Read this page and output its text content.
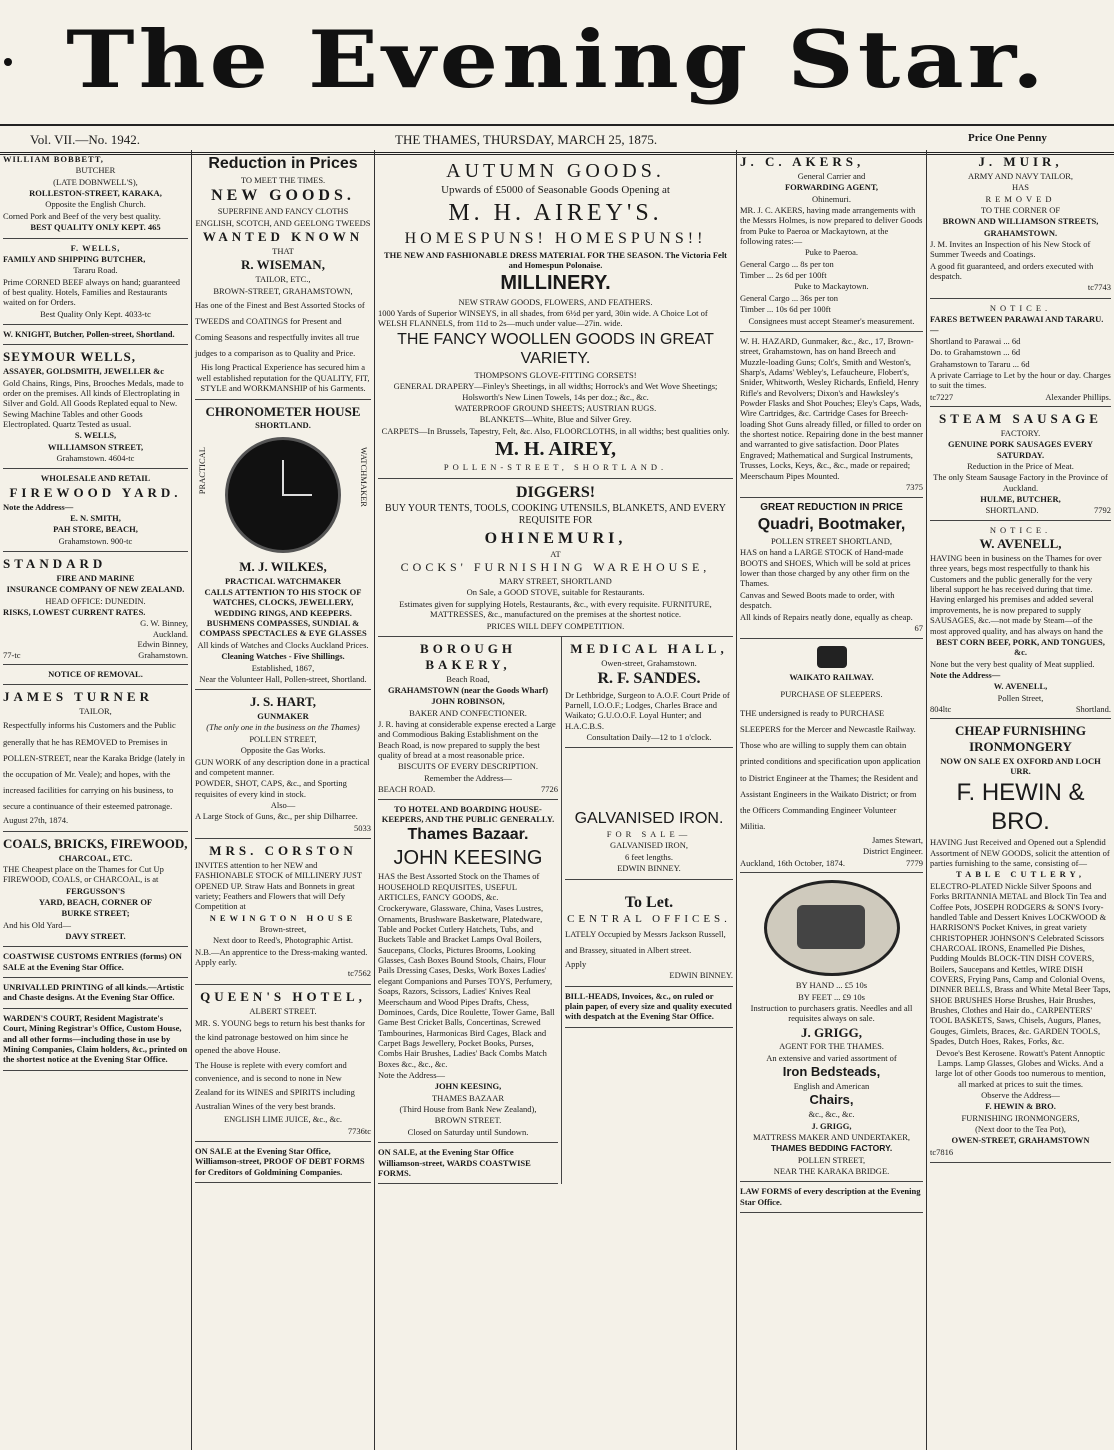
The Evening Star.
Vol. VII.—No. 1942.	THE THAMES, THURSDAY, MARCH 25, 1875.	Price One Penny

WILLIAM BOBBETT,

BUTCHER

(LATE DOBNWELL'S),

ROLLESTON-STREET, KARAKA,

Opposite the English Church.

Corned Pork and Beef of the very best quality.

BEST QUALITY ONLY KEPT. 465

F. WELLS,

FAMILY AND SHIPPING BUTCHER,

Tararu Road.

Prime CORNED BEEF always on hand; guaranteed of best quality. Hotels, Families and Restaurants waited on for Orders.

Best Quality Only Kept. 4033-tc

W. KNIGHT, Butcher, Pollen-street, Shortland.

SEYMOUR WELLS,

ASSAYER, GOLDSMITH, JEWELLER &c

Gold Chains, Rings, Pins, Brooches Medals, made to order on the premises. All kinds of Electroplating in Silver and Gold. All Goods Replated equal to New. Sewing Machine Tables and other Goods Electroplated. Quartz Tested as usual.

S. WELLS,

WILLIAMSON STREET,

Grahamstown. 4604-tc

WHOLESALE AND RETAIL

FIREWOOD YARD.

Note the Address—

E. N. SMITH,

PAH STORE, BEACH,

Grahamstown. 900-tc

STANDARD

FIRE AND MARINE

INSURANCE COMPANY OF NEW ZEALAND.

HEAD OFFICE: DUNEDIN.

RISKS, LOWEST CURRENT RATES.

G. W. Binney,
Auckland.
Edwin Binney,
77-tc	Grahamstown.

NOTICE OF REMOVAL.

JAMES TURNER

TAILOR,

Respectfully informs his Customers and the Public generally that he has REMOVED to Premises in POLLEN-STREET, near the Karaka Bridge (lately in the occupation of Mr. Veale); and hopes, with the increased facilities for carrying on his business, to secure a continuance of their esteemed patronage.

August 27th, 1874.

COALS, BRICKS, FIREWOOD,

CHARCOAL, ETC.

THE Cheapest place on the Thames for Cut Up FIREWOOD, COALS, or CHARCOAL, is at

FERGUSSON'S

YARD, BEACH, CORNER OF

BURKE STREET;

And his Old Yard—

DAVY STREET.

COASTWISE CUSTOMS ENTRIES (forms) ON SALE at the Evening Star Office.

UNRIVALLED PRINTING of all kinds.—Artistic and Chaste designs. At the Evening Star Office.

WARDEN'S COURT, Resident Magistrate's Court, Mining Registrar's Office, Custom House, and all other forms—including those in use by Mining Companies, Claim holders, &c., printed on the shortest notice at the Evening Star Office.

Reduction in Prices

TO MEET THE TIMES.

NEW GOODS.

SUPERFINE AND FANCY CLOTHS

ENGLISH, SCOTCH, AND GEELONG TWEEDS

WANTED KNOWN

THAT

R. WISEMAN,

TAILOR, ETC.,

BROWN-STREET, GRAHAMSTOWN,

Has one of the Finest and Best Assorted Stocks of TWEEDS and COATINGS for Present and Coming Seasons and respectfully invites all true judges to a comparison as to Quality and Price.

His long Practical Experience has secured him a well established reputation for the QUALITY, FIT, STYLE and WORKMANSHIP of his Garments.

CHRONOMETER HOUSE

SHORTLAND.

PRACTICAL	WATCHMAKER

M. J. WILKES,

PRACTICAL WATCHMAKER

CALLS ATTENTION TO HIS STOCK OF WATCHES, CLOCKS, JEWELLERY, WEDDING RINGS, AND KEEPERS. BUSHMENS COMPASSES, SUNDIAL & COMPASS SPECTACLES & EYE GLASSES

All kinds of Watches and Clocks Auckland Prices.

Cleaning Watches - Five Shillings.

Established, 1867,

Near the Volunteer Hall, Pollen-street, Shortland.

J. S. HART,

GUNMAKER

(The only one in the business on the Thames)

POLLEN STREET,

Opposite the Gas Works.

GUN WORK of any description done in a practical and competent manner.

POWDER, SHOT, CAPS, &c., and Sporting requisites of every kind in stock.

Also—

A Large Stock of Guns, &c., per ship Dilharree.

5033

MRS. CORSTON

INVITES attention to her NEW and FASHIONABLE STOCK of MILLINERY JUST OPENED UP. Straw Hats and Bonnets in great variety; Feathers and Flowers that will Defy Competition at

NEWINGTON HOUSE

Brown-street,

Next door to Reed's, Photographic Artist.

N.B.—An apprentice to the Dress-making wanted. Apply early.

tc7562

QUEEN'S HOTEL,

ALBERT STREET.

MR. S. YOUNG begs to return his best thanks for the kind patronage bestowed on him since he opened the above House.

The House is replete with every comfort and convenience, and is second to none in New Zealand for its WINES and SPIRITS including Australian Wines of the very best brands.

ENGLISH LIME JUICE, &c., &c.

7736tc

ON SALE at the Evening Star Office, Williamson-street, PROOF OF DEBT FORMS for Creditors of Goldmining Companies.

AUTUMN GOODS.

Upwards of £5000 of Seasonable Goods Opening at

M. H. AIREY'S.

HOMESPUNS! HOMESPUNS!!

THE NEW AND FASHIONABLE DRESS MATERIAL FOR THE SEASON. The Victoria Felt and Homespun Polonaise.

MILLINERY.

NEW STRAW GOODS, FLOWERS, AND FEATHERS.

1000 Yards of Superior WINSEYS, in all shades, from 6½d per yard, 30in wide. A Choice Lot of WELSH FLANNELS, from 11d to 2s—much under value—27in. wide.

THE FANCY WOOLLEN GOODS IN GREAT VARIETY.

THOMPSON'S GLOVE-FITTING CORSETS!

GENERAL DRAPERY—Finley's Sheetings, in all widths; Horrock's and Wet Wove Sheetings; Holsworth's New Linen Towels, 14s per doz.; &c., &c.

WATERPROOF GROUND SHEETS; AUSTRIAN RUGS.

BLANKETS—White, Blue and Silver Grey.

CARPETS—In Brussels, Tapestry, Felt, &c. Also, FLOORCLOTHS, in all widths; best qualities only.

M. H. AIREY,

POLLEN-STREET, SHORTLAND.

DIGGERS!

BUY YOUR TENTS, TOOLS, COOKING UTENSILS, BLANKETS, AND EVERY REQUISITE FOR

OHINEMURI,

AT

COCKS' FURNISHING WAREHOUSE,

MARY STREET, SHORTLAND

On Sale, a GOOD STOVE, suitable for Restaurants.

Estimates given for supplying Hotels, Restaurants, &c., with every requisite. FURNITURE, MATTRESSES, &c., manufactured on the premises at the shortest notice.

PRICES WILL DEFY COMPETITION.

BOROUGH BAKERY,

Beach Road,

GRAHAMSTOWN (near the Goods Wharf)

JOHN ROBINSON,

BAKER AND CONFECTIONER.

J. R. having at considerable expense erected a Large and Commodious Baking Establishment on the Beach Road, is now prepared to supply the best quality of bread at a most reasonable price.

BISCUITS OF EVERY DESCRIPTION.

Remember the Address—

BEACH ROAD.	7726

MEDICAL HALL,

Owen-street, Grahamstown.

R. F. SANDES.

Dr Lethbridge, Surgeon to A.O.F. Court Pride of Parnell, I.O.O.F.; Lodges, Charles Brace and Waikato; G.U.O.O.F. Loyal Hunter; and H.A.C.B.S.

Consultation Daily—12 to 1 o'clock.

TO HOTEL AND BOARDING HOUSE-KEEPERS, AND THE PUBLIC GENERALLY.

Thames Bazaar.

JOHN KEESING

HAS the Best Assorted Stock on the Thames of HOUSEHOLD REQUISITES, USEFUL ARTICLES, FANCY GOODS, &c.

Crockeryware, Glassware, China, Vases Lustres, Ornaments, Brushware Basketware, Platedware, Table and Pocket Cutlery Hatchets, Tubs, and Buckets Table and Bracket Lamps Oval Boilers, Saucepans, Clocks, Pictures Brooms, Looking Glasses, Cash Boxes Bound Stools, Chairs, Flour Pails Dressing Cases, Desks, Work Boxes Ladies' elegant Companions and Purses TOYS, Perfumery, Soaps, Razors, Scissors, Ladies' Knives Real Meerschaum and Wood Pipes Drafts, Chess, Dominoes, Cards, Dice Roulette, Tower Game, Ball Game Best Cricket Balls, Concertinas, Screwed Tambourines, Harmonicas Bird Cages, Black and Carpet Bags Jewellery, Pocket Books, Purses, Combs Hair Brushes, Ladies' Back Combs Match Boxes &c., &c., &c.

Note the Address—

JOHN KEESING,

THAMES BAZAAR

(Third House from Bank New Zealand),

BROWN STREET.

Closed on Saturday until Sundown.

ON SALE, at the Evening Star Office Williamson-street, WARDS COASTWISE FORMS.

GALVANISED IRON.

FOR SALE—

GALVANISED IRON,

6 feet lengths.

EDWIN BINNEY.

To Let.

CENTRAL OFFICES.

LATELY Occupied by Messrs Jackson Russell, and Brassey, situated in Albert street.

Apply

EDWIN BINNEY.

BILL-HEADS, Invoices, &c., on ruled or plain paper, of every size and quality executed with despatch at the Evening Star Office.

J. C. AKERS,

General Carrier and

FORWARDING AGENT,

Ohinemuri.

MR. J. C. AKERS, having made arrangements with the Messrs Holmes, is now prepared to deliver Goods from Puke to Paeroa or Mackaytown, at the following rates:—

Puke to Paeroa.

General Cargo ... 8s per ton

Timber ... 2s 6d per 100ft

Puke to Mackaytown.

General Cargo ... 36s per ton

Timber ... 10s 6d per 100ft

Consignees must accept Steamer's measurement.

W. H. HAZARD, Gunmaker, &c., &c., 17, Brown-street, Grahamstown, has on hand Breech and Muzzle-loading Guns; Colt's, Smith and Weston's, Sharp's, Adams' Webley's, Lefaucheure, Flobert's, Snider, Whitworth, Wesley Richards, Enfield, Henry Rifle's and Revolvers; Dixon's and Hawksley's Powder Flasks and Shot Pouches; Eley's Caps, Wads, Wire Cartridges, &c. Cartridge Cases for Breech-loading Shot Guns already filled, or filled to order on the shortest notice. Repairing done in the best manner and warranted to give satisfaction. Door Plates Engraved; Mathematical and Surgical Instruments, Trusses, Locks, Keys, &c., &c., made or repaired; Meerschaum Pipes Mounted.

7375

GREAT REDUCTION IN PRICE

Quadri, Bootmaker,

POLLEN STREET SHORTLAND,

HAS on hand a LARGE STOCK of Hand-made BOOTS and SHOES, Which will be sold at prices lower than those charged by any other firm on the Thames.

Canvas and Sewed Boots made to order, with despatch.

All kinds of Repairs neatly done, equally as cheap.

67

WAIKATO RAILWAY.

PURCHASE OF SLEEPERS.

THE undersigned is ready to PURCHASE SLEEPERS for the Mercer and Newcastle Railway. Those who are willing to supply them can obtain printed conditions and specification upon application to District Engineer at the Thames; the Resident and Assistant Engineers in the Waikato District; or from the Officers Commanding Engineer Volunteer Militia.

James Stewart,

District Engineer.

Auckland, 16th October, 1874.	7779

BY HAND ... £5 10s

BY FEET ... £9 10s

Instruction to purchasers gratis. Needles and all requisites always on sale.

J. GRIGG,

AGENT FOR THE THAMES.

An extensive and varied assortment of

Iron Bedsteads,

English and American

Chairs,

&c., &c., &c.

J. GRIGG,

MATTRESS MAKER AND UNDERTAKER,

THAMES BEDDING FACTORY.

POLLEN STREET,

NEAR THE KARAKA BRIDGE.

LAW FORMS of every description at the Evening Star Office.

J. MUIR,

ARMY AND NAVY TAILOR,

HAS

REMOVED

TO THE CORNER OF

BROWN AND WILLIAMSON STREETS,

GRAHAMSTOWN.

J. M. Invites an Inspection of his New Stock of Summer Tweeds and Coatings.

A good fit guaranteed, and orders executed with despatch.

tc7743

NOTICE.

FARES BETWEEN PARAWAI AND TARARU.—

Shortland to Parawai ... 6d

Do. to Grahamstown ... 6d

Grahamstown to Tararu ... 6d

A private Carriage to Let by the hour or day. Charges to suit the times.

tc7227	Alexander Phillips.

STEAM SAUSAGE

FACTORY.

GENUINE PORK SAUSAGES EVERY SATURDAY.

Reduction in the Price of Meat.

The only Steam Sausage Factory in the Province of Auckland.

HULME, BUTCHER,

SHORTLAND.	7792

NOTICE.

W. AVENELL,

HAVING been in business on the Thames for over three years, begs most respectfully to thank his Customers and the public generally for the very liberal support he has received during that time. Having enlarged his premises and added several improvements, he is now prepared to supply SAUSAGES, &c.—not made by Steam—of the most approved quality, and has always on hand the

BEST CORN BEEF, PORK, AND TONGUES, &c.

None but the very best quality of Meat supplied.

Note the Address—

W. AVENELL,

Pollen Street,

804ltc	Shortland.

CHEAP FURNISHING IRONMONGERY

NOW ON SALE EX OXFORD AND LOCH URR.

F. HEWIN & BRO.

HAVING Just Received and Opened out a Splendid Assortment of NEW GOODS, solicit the attention of parties furnishing to the same, consisting of—

TABLE CUTLERY,

ELECTRO-PLATED Nickle Silver Spoons and Forks BRITANNIA METAL and Block Tin Tea and Coffee Pots, JOSEPH RODGERS & SON'S Ivory-handled Table and Dessert Knives LOCKWOOD & HARRISON'S Pocket Knives, in great variety CHRISTOPHER JOHNSON'S Celebrated Scissors CHARCOAL IRONS, Enamelled Pie Dishes, Pudding Moulds BLOCK-TIN DISH COVERS, Boilers, Saucepans and Kettles, WIRE DISH COVERS, Frying Pans, Camp and Colonial Ovens, DINNER BELLS, Brass and White Metal Beer Taps, SHOE BRUSHES Horse Brushes, Hair Brushes, Brushes, Clothes and Hair do., CARPENTERS' TOOL BASKETS, Saws, Chisels, Augurs, Planes, Gouges, Gimlets, Braces, &c. GARDEN TOOLS, Spades, Dutch Hoes, Rakes, Forks, &c.

Devoe's Best Kerosene. Rowatt's Patent Annoptic Lamps. Lamp Glasses, Globes and Wicks. And a large lot of other Goods too numerous to mention, all marked at prices to suit the times.

Observe the Address—

F. HEWIN & BRO.

FURNISHING IRONMONGERS,

(Next door to the Tea Pot),

OWEN-STREET, GRAHAMSTOWN

tc7816
